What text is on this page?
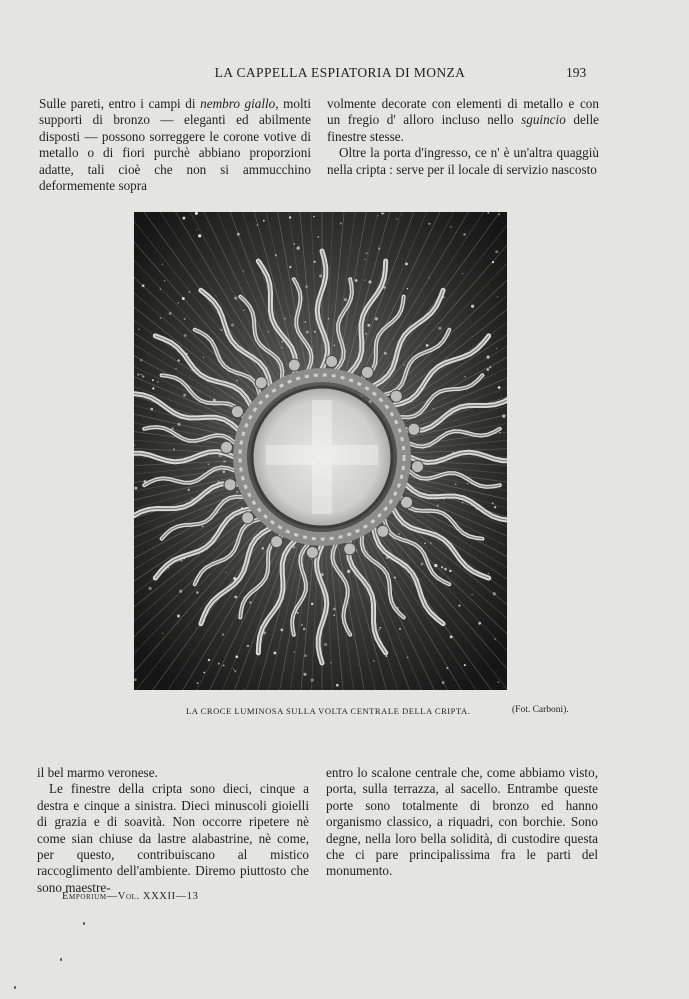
LA CAPPELLA ESPIATORIA DI MONZA	193

Sulle pareti, entro i campi di nembro giallo, molti supporti di bronzo — eleganti ed abilmente disposti — possono sorreggere le corone votive di metallo o di fiori purchè abbiano proporzioni adatte, tali cioè che non si ammucchino deformemente sopra

volmente decorate con elementi di metallo e con un fregio d' alloro incluso nello sguincio delle finestre stesse.

Oltre la porta d'ingresso, ce n' è un'altra quaggiù nella cripta : serve per il locale di servizio nascosto

LA CROCE LUMINOSA SULLA VOLTA CENTRALE DELLA CRIPTA.	(Fot. Carboni).

il bel marmo veronese.

Le finestre della cripta sono dieci, cinque a destra e cinque a sinistra. Dieci minuscoli gioielli di grazia e di soavità. Non occorre ripetere nè come sian chiuse da lastre alabastrine, nè come, per questo, contribuiscano al mistico raccoglimento dell'ambiente. Diremo piuttosto che sono maestre-

entro lo scalone centrale che, come abbiamo visto, porta, sulla terrazza, al sacello. Entrambe queste porte sono totalmente di bronzo ed hanno organismo classico, a riquadri, con borchie. Sono degne, nella loro bella solidità, di custodire questa che ci pare principalissima fra le parti del monumento.

Emporium—Vol. XXXII—13
